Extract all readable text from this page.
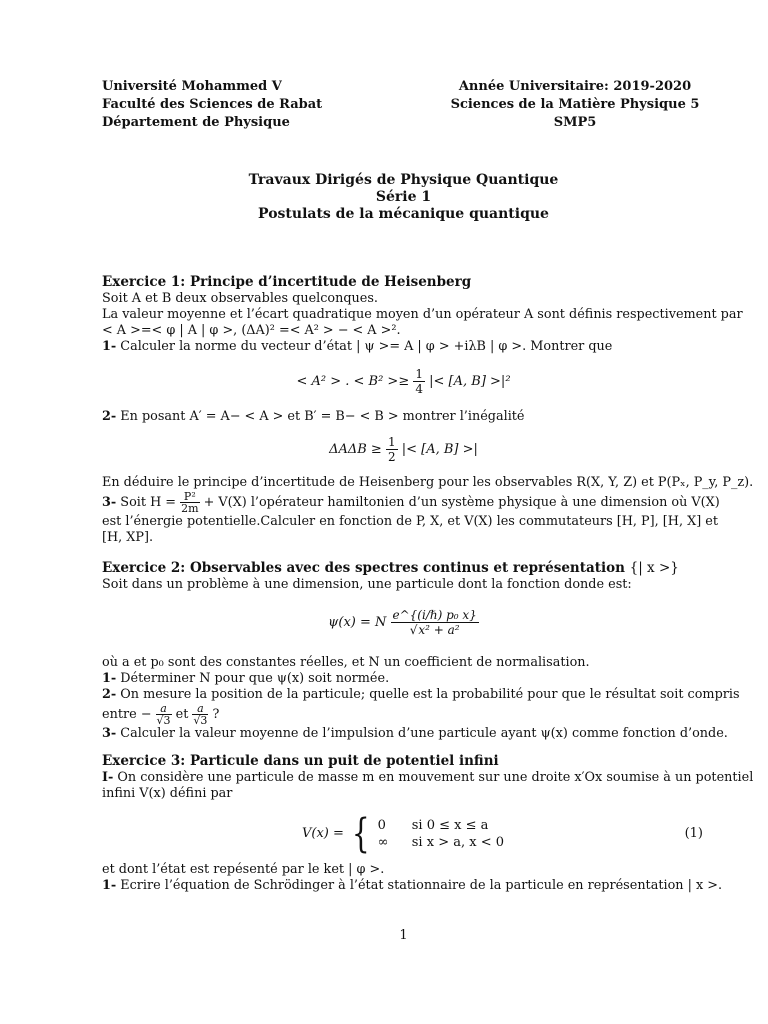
Université Mohammed V
Faculté des Sciences de Rabat
Département de Physique
Année Universitaire: 2019-2020
Sciences de la Matière Physique 5
SMP5
Travaux Dirigés de Physique Quantique
Série 1
Postulats de la mécanique quantique
Exercice 1: Principe d’incertitude de Heisenberg
Soit A et B deux observables quelconques.
La valeur moyenne et l’écart quadratique moyen d’un opérateur A sont définis respectivement par
< A >=< φ | A | φ >, (ΔA)² =< A² > − < A >².
1- Calculer la norme du vecteur d’état | ψ >= A | φ > +iλB | φ >. Montrer que
< A² > . < $B^2 >\ge \frac{1}{4}$ |< [A, B] >|²
2- En posant A′ = A− < A > et B′ = B− < B > montrer l’inégalité
$\Delta A\Delta B \ge \frac{1}{2}$ |< [A, B] >|
En déduire le principe d’incertitude de Heisenberg pour les observables R(X, Y, Z) et P(Pₓ, P_y, P_z).
3- Soit $H = \frac{\text{P²}}{2m} + V(X)$ l’opérateur hamiltonien d’un système physique à une dimension où V(X)
est l’énergie potentielle.Calculer en fonction de P, X, et V(X) les commutateurs [H, P], [H, X] et
[H, XP].
Exercice 2: Observables avec des spectres continus et représentation {| x >}
Soit dans un problème à une dimension, une particule dont la fonction donde est:
ψ(x) = N $\frac{\text{e\textasciicircum{}\{(i/ℏ) p₀ x\}}}{\text{√x² + a²}}$
où a et p₀ sont des constantes réelles, et N un coefficient de normalisation.
1- Déterminer N pour que ψ(x) soit normée.
2- On mesure la position de la particule; quelle est la probabilité pour que le résultat soit compris
entre − $\frac{a}{√3}$ et $\frac{a}{√3}$ ?
3- Calculer la valeur moyenne de l’impulsion d’une particule ayant ψ(x) comme fonction d’onde.
Exercice 3: Particule dans un puit de potentiel infini
I- On considère une particule de masse m en mouvement sur une droite x′Ox soumise à un potentiel
infini V(x) défini par
V(x) = { 0 si 0 ≤ x ≤ a
∞ si x > a, x < 0
(1)
et dont l’état est repésenté par le ket | φ >.
1- Ecrire l’équation de Schrödinger à l’état stationnaire de la particule en représentation | x >.
1
